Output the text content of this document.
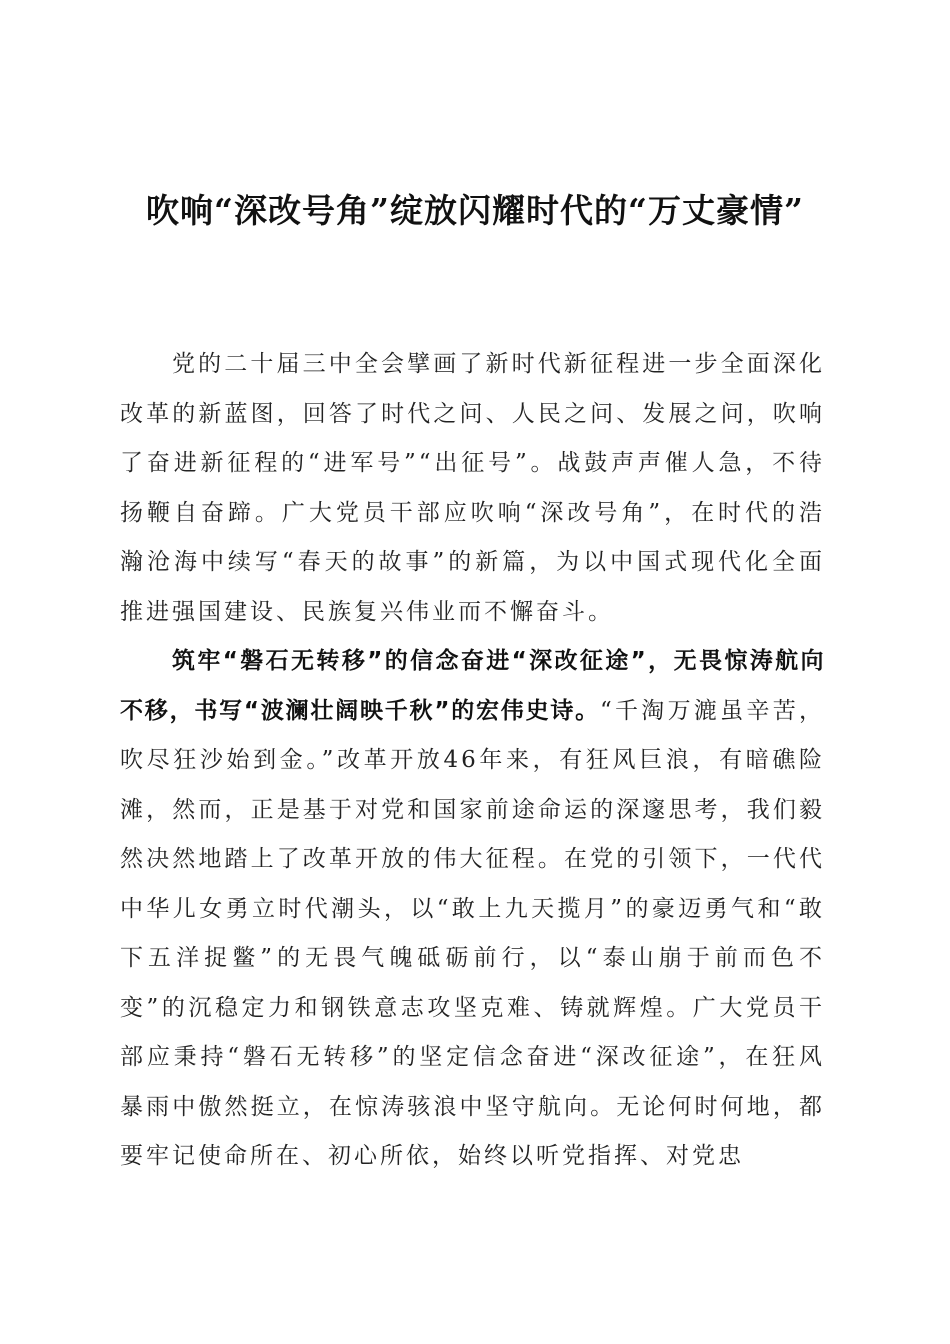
吹响“深改号角”绽放闪耀时代的“万丈豪情”

党的二十届三中全会擘画了新时代新征程进一步全面深化改革的新蓝图，回答了时代之问、人民之问、发展之问，吹响了奋进新征程的“进军号”“出征号”。战鼓声声催人急，不待扬鞭自奋蹄。广大党员干部应吹响“深改号角”，在时代的浩瀚沧海中续写“春天的故事”的新篇，为以中国式现代化全面推进强国建设、民族复兴伟业而不懈奋斗。

筑牢“磐石无转移”的信念奋进“深改征途”，无畏惊涛航向不移，书写“波澜壮阔映千秋”的宏伟史诗。“千淘万漉虽辛苦，吹尽狂沙始到金。”改革开放46年来，有狂风巨浪，有暗礁险滩，然而，正是基于对党和国家前途命运的深邃思考，我们毅然决然地踏上了改革开放的伟大征程。在党的引领下，一代代中华儿女勇立时代潮头，以“敢上九天揽月”的豪迈勇气和“敢下五洋捉鳖”的无畏气魄砥砺前行，以“泰山崩于前而色不变”的沉稳定力和钢铁意志攻坚克难、铸就辉煌。广大党员干部应秉持“磐石无转移”的坚定信念奋进“深改征途”，在狂风暴雨中傲然挺立，在惊涛骇浪中坚守航向。无论何时何地，都要牢记使命所在、初心所依，始终以听党指挥、对党忠
